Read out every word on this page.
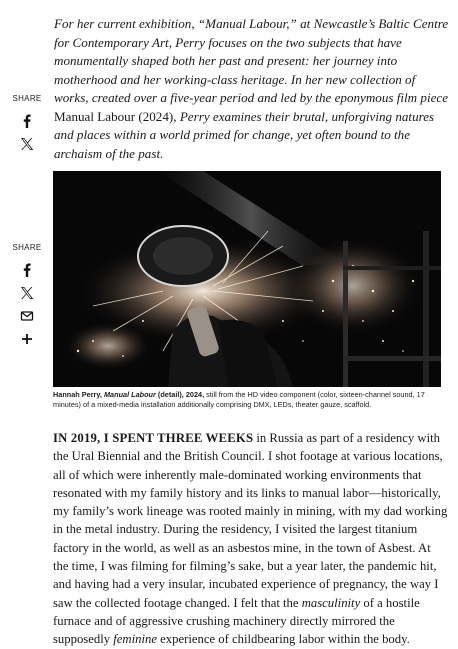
SHARE

For her current exhibition, “Manual Labour,” at Newcastle’s Baltic Centre for Contemporary Art, Perry focuses on the two subjects that have monumentally shaped both her past and present: her journey into motherhood and her working-class heritage. In her new collection of works, created over a five-year period and led by the eponymous film piece Manual Labour (2024), Perry examines their brutal, unforgiving natures and places within a world primed for change, yet often bound to the archaism of the past.

SHARE

Hannah Perry, Manual Labour (detail), 2024, still from the HD video component (color, sixteen-channel sound, 17 minutes) of a mixed-media installation additionally comprising DMX, LEDs, theater gauze, scaffold.

IN 2019, I SPENT THREE WEEKS in Russia as part of a residency with the Ural Biennial and the British Council. I shot footage at various locations, all of which were inherently male-dominated working environments that resonated with my family history and its links to manual labor—historically, my family’s work lineage was rooted mainly in mining, with my dad working in the metal industry. During the residency, I visited the largest titanium factory in the world, as well as an asbestos mine, in the town of Asbest. At the time, I was filming for filming’s sake, but a year later, the pandemic hit, and having had a very insular, incubated experience of pregnancy, the way I saw the collected footage changed. I felt that the masculinity of a hostile furnace and of aggressive crushing machinery directly mirrored the supposedly feminine experience of childbearing labor within the body.
